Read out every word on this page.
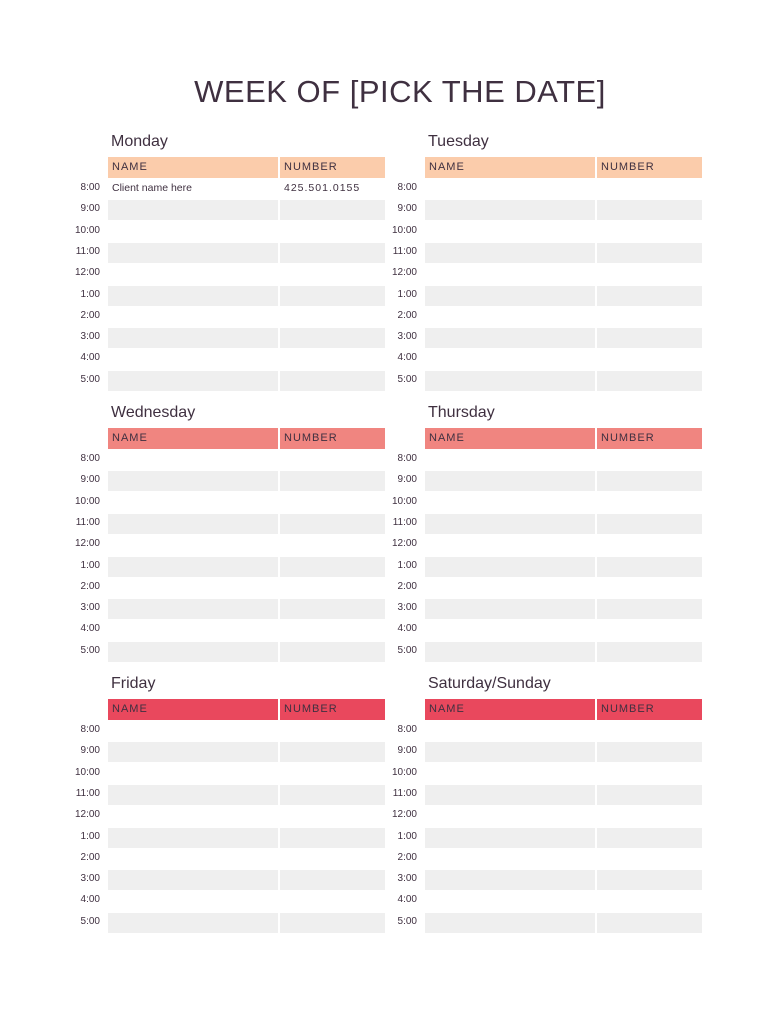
WEEK OF [PICK THE DATE]
Monday
NAME	NUMBER
8:00	Client name here	425.501.0155
9:00
10:00
11:00
12:00
1:00
2:00
3:00
4:00
5:00
Tuesday
NAME	NUMBER
8:00
9:00
10:00
11:00
12:00
1:00
2:00
3:00
4:00
5:00
Wednesday
NAME	NUMBER
8:00
9:00
10:00
11:00
12:00
1:00
2:00
3:00
4:00
5:00
Thursday
NAME	NUMBER
8:00
9:00
10:00
11:00
12:00
1:00
2:00
3:00
4:00
5:00
Friday
NAME	NUMBER
8:00
9:00
10:00
11:00
12:00
1:00
2:00
3:00
4:00
5:00
Saturday/Sunday
NAME	NUMBER
8:00
9:00
10:00
11:00
12:00
1:00
2:00
3:00
4:00
5:00
